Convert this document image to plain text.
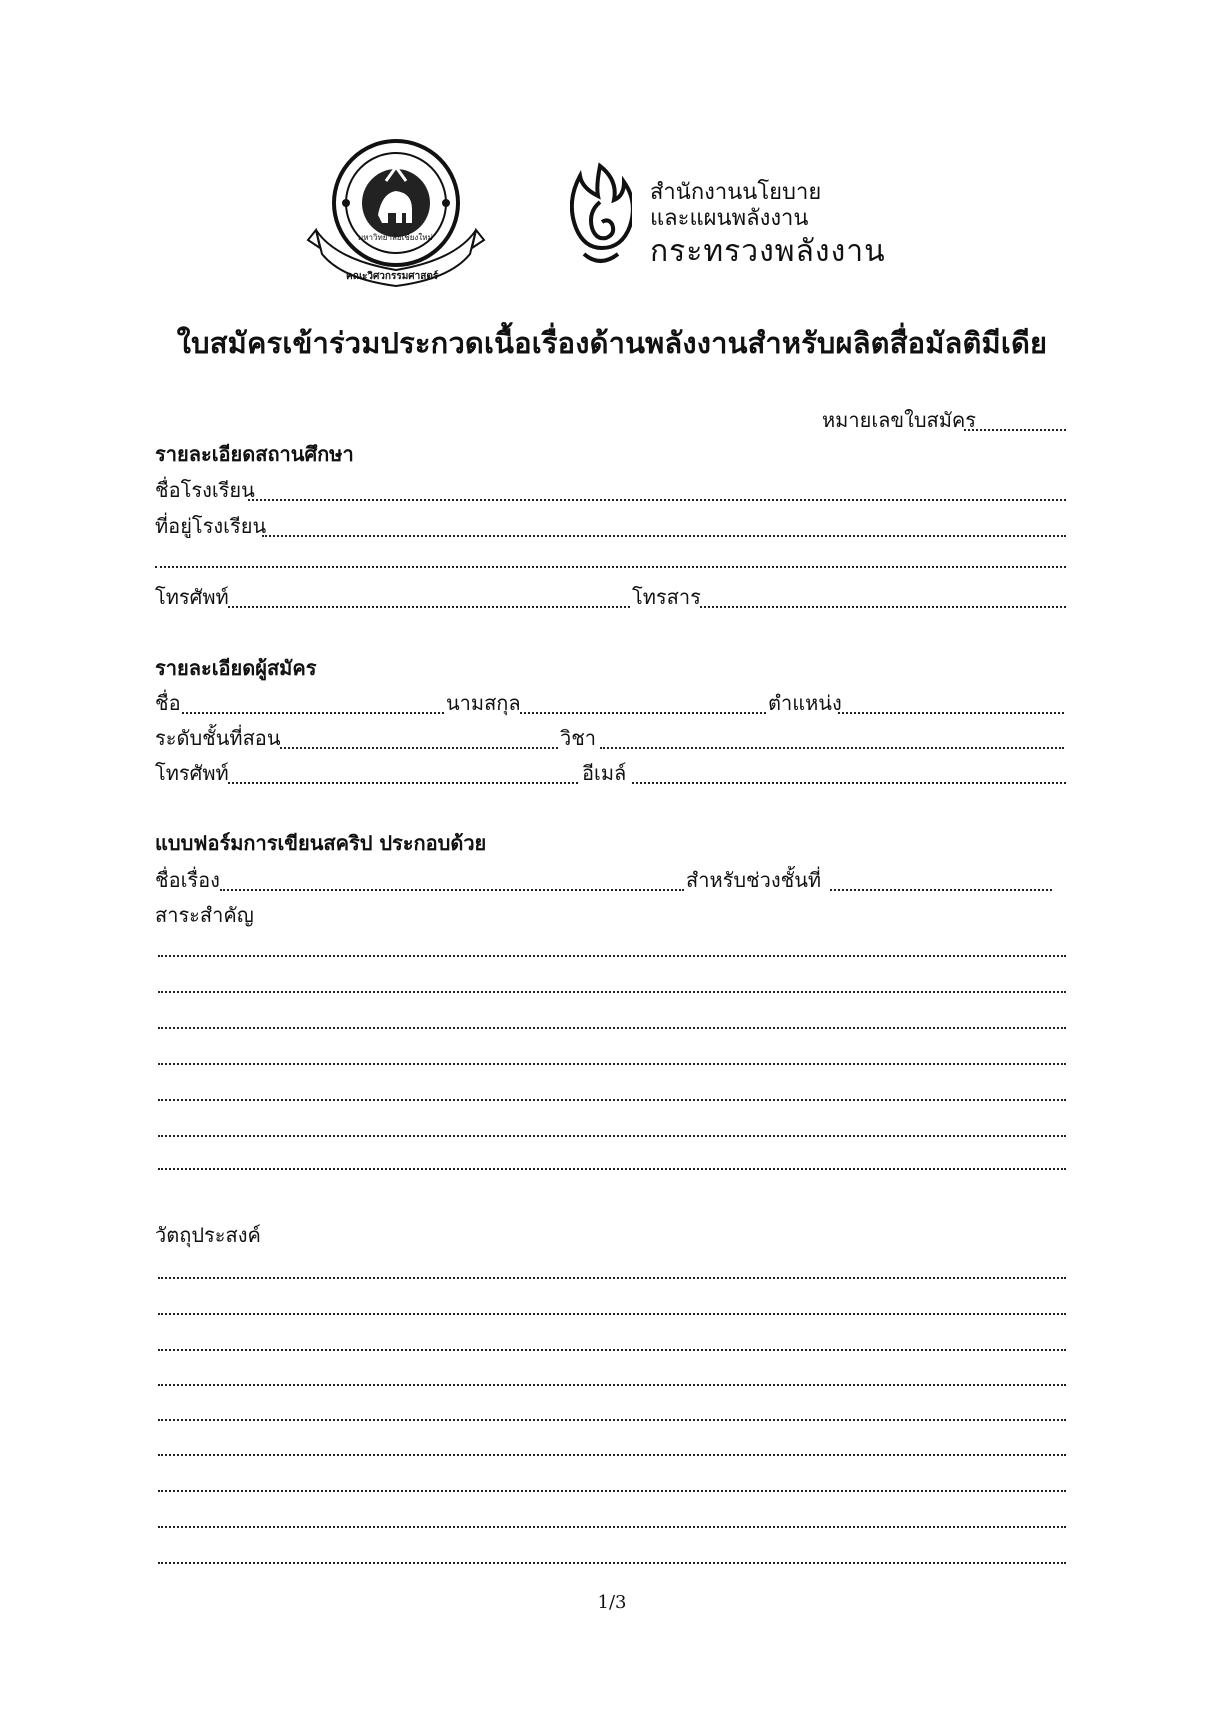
มหาวิทยาลัยเชียงใหม่
คณะวิศวกรรมศาสตร์
สำนักงานนโยบาย
และแผนพลังงาน
กระทรวงพลังงาน
ใบสมัครเข้าร่วมประกวดเนื้อเรื่องด้านพลังงานสำหรับผลิตสื่อมัลติมีเดีย
หมายเลขใบสมัคร
รายละเอียดสถานศึกษา
ชื่อโรงเรียน
ที่อยู่โรงเรียน
โทรศัพท์	โทรสาร
รายละเอียดผู้สมัคร
ชื่อ	นามสกุล	ตำแหน่ง
ระดับชั้นที่สอน	วิชา
โทรศัพท์	อีเมล์
แบบฟอร์มการเขียนสคริป ประกอบด้วย
ชื่อเรื่อง	สำหรับช่วงชั้นที่
สาระสำคัญ
วัตถุประสงค์
1/3
